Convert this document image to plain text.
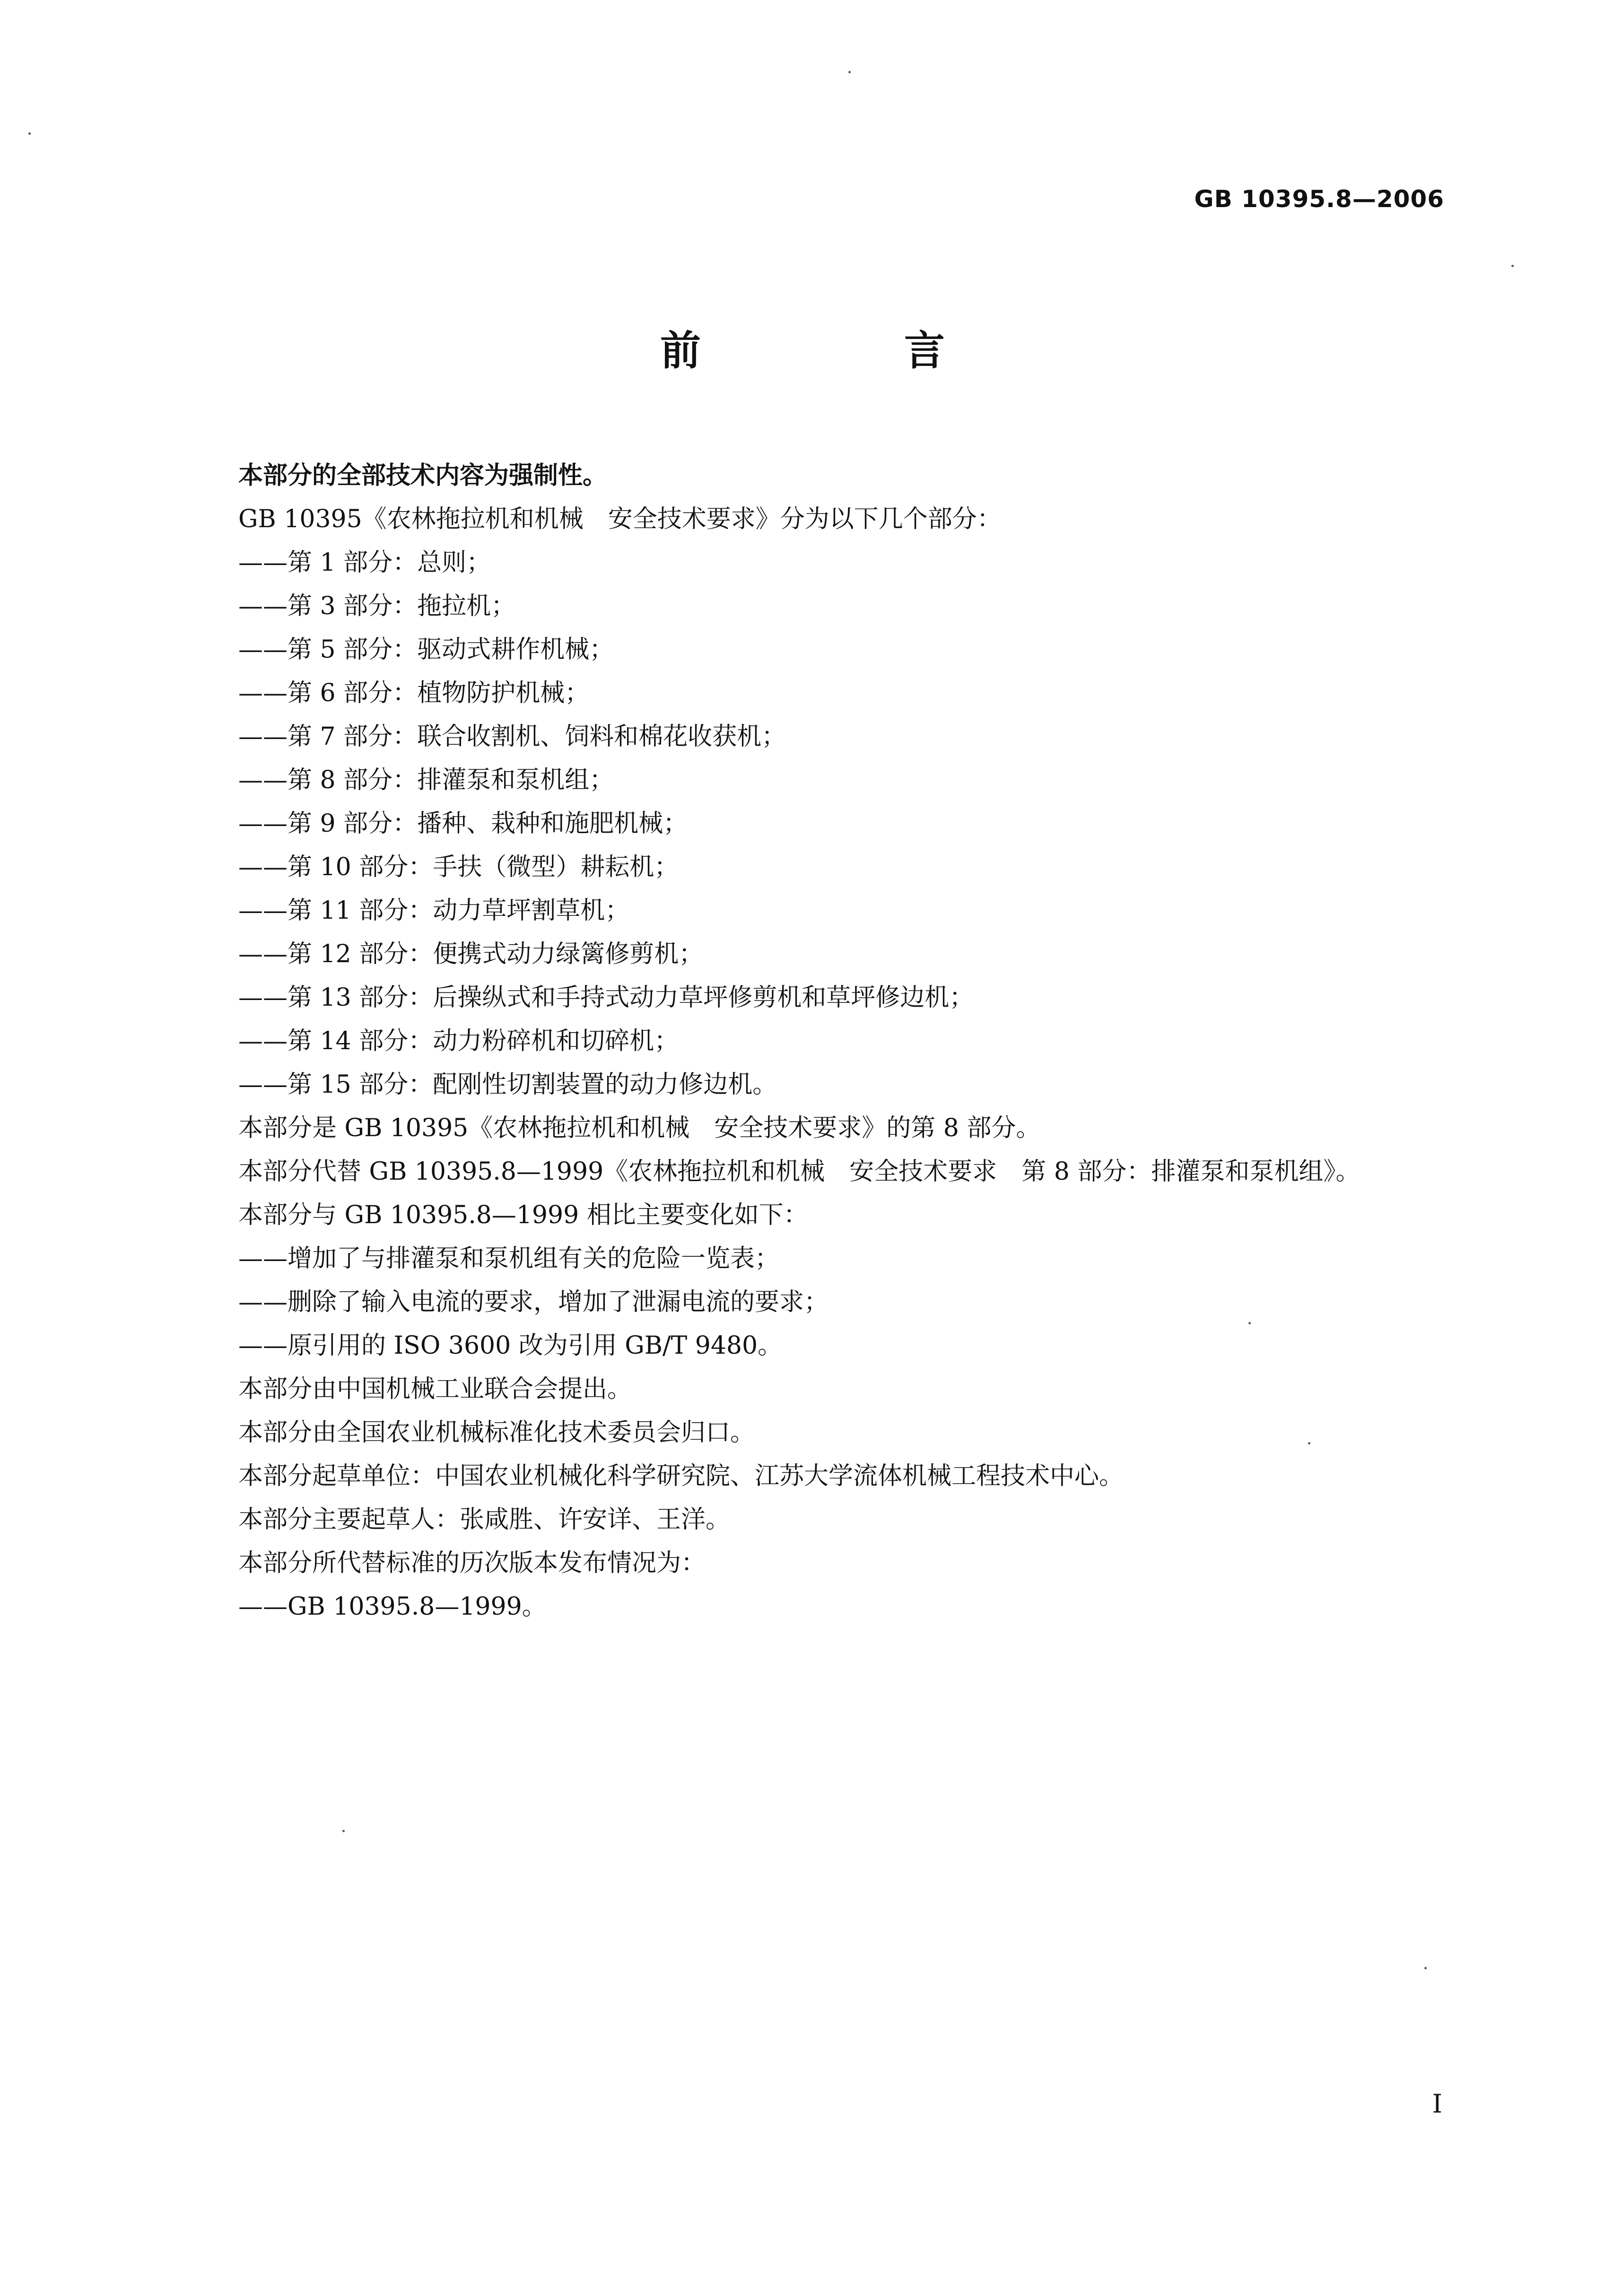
GB 10395.8—2006
前 言

本部分的全部技术内容为强制性。

GB 10395《农林拖拉机和机械　安全技术要求》分为以下几个部分：

——第 1 部分：总则；

——第 3 部分：拖拉机；

——第 5 部分：驱动式耕作机械；

——第 6 部分：植物防护机械；

——第 7 部分：联合收割机、饲料和棉花收获机；

——第 8 部分：排灌泵和泵机组；

——第 9 部分：播种、栽种和施肥机械；

——第 10 部分：手扶（微型）耕耘机；

——第 11 部分：动力草坪割草机；

——第 12 部分：便携式动力绿篱修剪机；

——第 13 部分：后操纵式和手持式动力草坪修剪机和草坪修边机；

——第 14 部分：动力粉碎机和切碎机；

——第 15 部分：配刚性切割装置的动力修边机。

本部分是 GB 10395《农林拖拉机和机械　安全技术要求》的第 8 部分。

本部分代替 GB 10395.8—1999《农林拖拉机和机械　安全技术要求　第 8 部分：排灌泵和泵机组》。

本部分与 GB 10395.8—1999 相比主要变化如下：

——增加了与排灌泵和泵机组有关的危险一览表；

——删除了输入电流的要求，增加了泄漏电流的要求；

——原引用的 ISO 3600 改为引用 GB/T 9480。

本部分由中国机械工业联合会提出。

本部分由全国农业机械标准化技术委员会归口。

本部分起草单位：中国农业机械化科学研究院、江苏大学流体机械工程技术中心。

本部分主要起草人：张咸胜、许安详、王洋。

本部分所代替标准的历次版本发布情况为：

——GB 10395.8—1999。

I
